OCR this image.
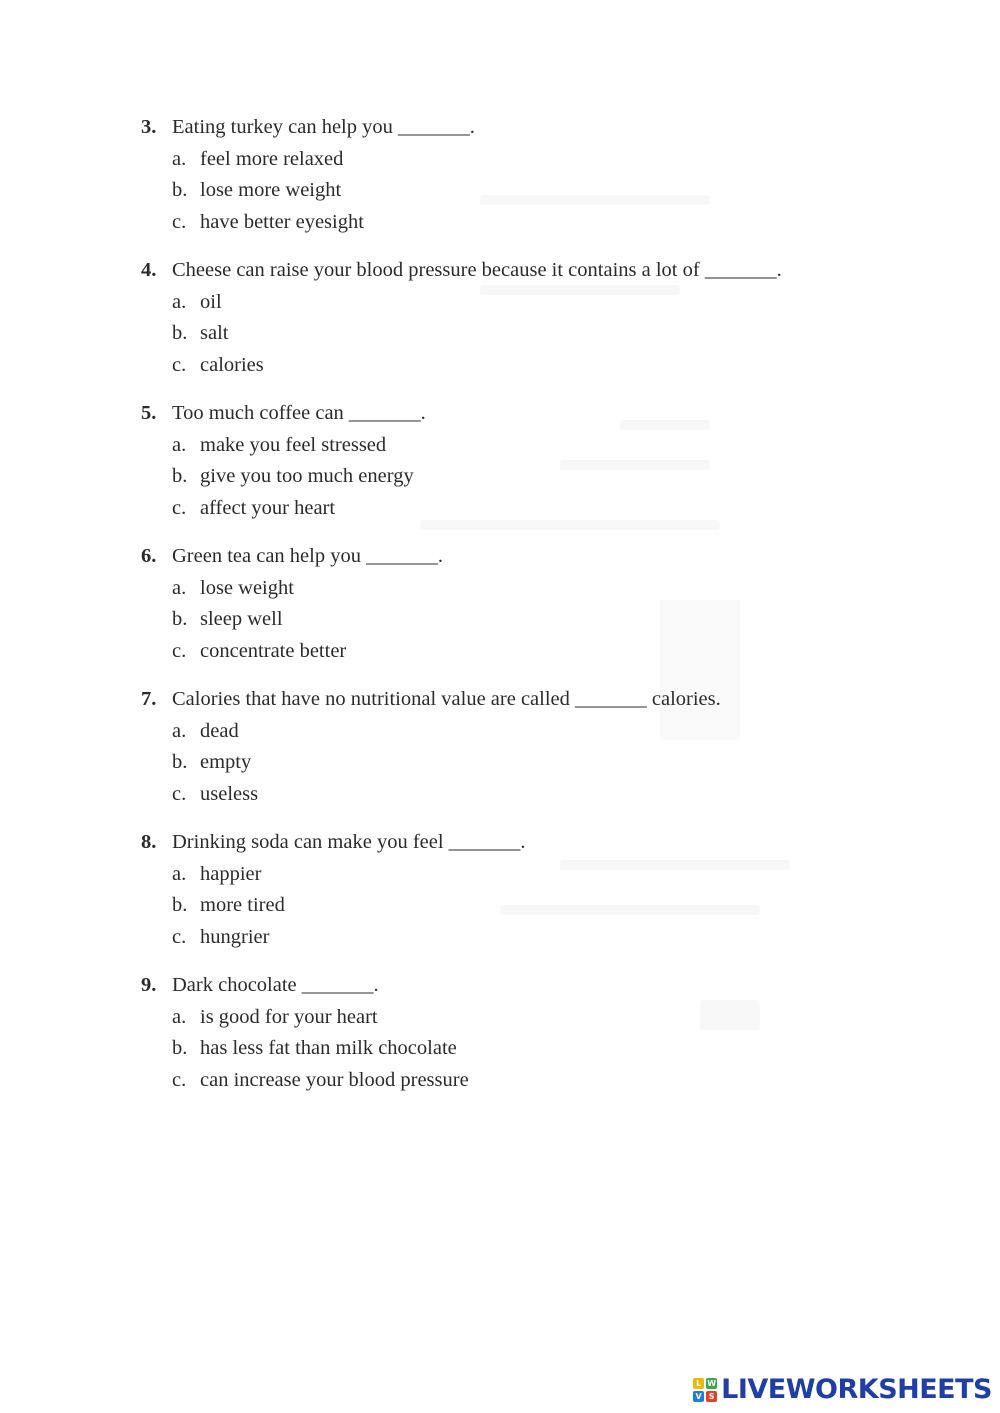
3. Eating turkey can help you _______.
a. feel more relaxed
b. lose more weight
c. have better eyesight
4. Cheese can raise your blood pressure because it contains a lot of _______.
a. oil
b. salt
c. calories
5. Too much coffee can _______.
a. make you feel stressed
b. give you too much energy
c. affect your heart
6. Green tea can help you _______.
a. lose weight
b. sleep well
c. concentrate better
7. Calories that have no nutritional value are called _______ calories.
a. dead
b. empty
c. useless
8. Drinking soda can make you feel _______.
a. happier
b. more tired
c. hungrier
9. Dark chocolate _______.
a. is good for your heart
b. has less fat than milk chocolate
c. can increase your blood pressure
L W
V S LIVEWORKSHEETS
